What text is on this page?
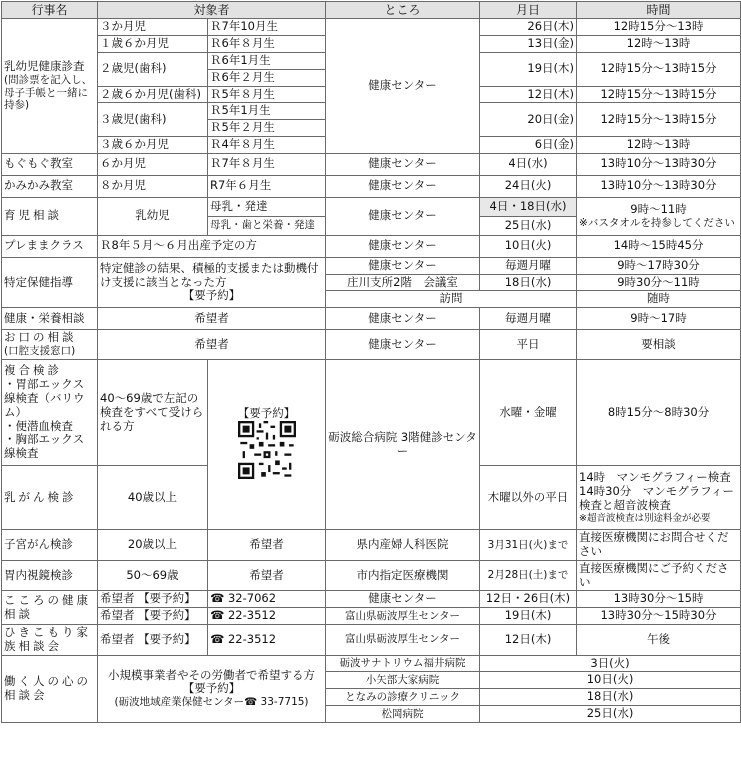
行事名	対象者		ところ	月日	時間

乳幼児健康診査
(問診票を記入し、母子手帳と一緒に持参)	３か月児	Ｒ7年10月生	健康センター	26日(木)	12時15分～13時
	１歳６か月児	Ｒ6年８月生		13日(金)	12時～13時
	２歳児(歯科)	Ｒ6年1月生		19日(木)	12時15分～13時15分
		Ｒ6年２月生			
	２歳６か月児(歯科)	Ｒ5年８月生		12日(木)	12時15分～13時15分
	３歳児(歯科)	Ｒ5年1月生		20日(金)	12時15分～13時15分
		Ｒ5年２月生			
	３歳６か月児	Ｒ4年８月生		6日(金)	12時～13時
もぐもぐ教室	６か月児	Ｒ7年８月生	健康センター	4日(水)	13時10分～13時30分
かみかみ教室	８か月児	R7年６月生	健康センター	24日(火)	13時10分～13時30分
育児相談	乳幼児	母乳・発達	健康センター	4日・18日(水)	9時～11時
※バスタオルを持参してください

		母乳・歯と栄養・発達		25日(水)	
プレままクラス	Ｒ8年５月～６月出産予定の方		健康センター	10日(火)	14時～15時45分
特定保健指導	特定健診の結果、積極的支援または動機付け支援に該当となった方
【要予約】		健康センター	毎週月曜	9時～17時30分
			庄川支所2階　会議室	18日(水)	9時30分～11時
			訪問		随時
健康・栄養相談	希望者		健康センター	毎週月曜	9時～17時

お口の相談
(口腔支援窓口)	希望者		健康センター	平日	要相談

複合検診
・胃部エックス線検査（バリウム）
・便潜血検査
・胸部エックス線検査	40～69歳で左記の検査をすべて受けられる方	【要予約】	砺波総合病院 3階健診センター	水曜・金曜	8時15分～8時30分
乳がん検診	40歳以上			木曜以外の平日	14時　マンモグラフィー検査
14時30分　マンモグラフィー検査と超音波検査
※超音波検査は別途料金が必要

子宮がん検診	20歳以上	希望者	県内産婦人科医院	3月31日(火)まで	直接医療機関にお問合せください
胃内視鏡検診	50～69歳	希望者	市内指定医療機関	2月28日(土)まで	直接医療機関にご予約ください
こころの健康相談	希望者 【要予約】	☎ 32-7062	健康センター	12日・26日(木)	13時30分～15時
	希望者 【要予約】	☎ 22-3512	富山県砺波厚生センター	19日(木)	13時30分～15時30分
ひきこもり家族相談会	希望者 【要予約】	☎ 22-3512	富山県砺波厚生センター	12日(木)	午後
働く人の心の相談会	小規模事業者やその労働者で希望する方
【要予約】
(砺波地域産業保健センター☎ 33-7715)		砺波サナトリウム福井病院	3日(火)	
			小矢部大家病院	10日(火)	
			となみの診療クリニック	18日(水)	
			松岡病院	25日(水)	
